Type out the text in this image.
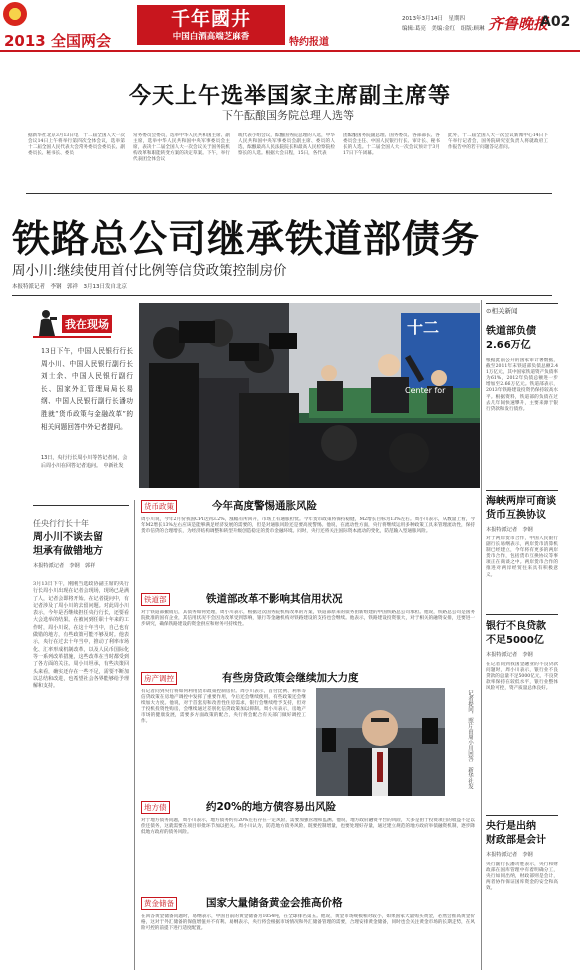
2013 全国两会
千年國井
中国白酒高端芝麻香	特约报道
2013年3月14日　星期四
编辑:葛亮　美编:金红　组版:顾琳 齐鲁晚报
A02
今天上午选举国家主席副主席等
下午酝酿国务院总理人选等
据新华社北京3月13日电　十二届全国人大一次会议14日上午将举行第四次全体会议，选举第十二届全国人民代表大会常务委员会委员长、副委员长、秘书长、委员
常务委员会委员，选举中华人民共和国主席、副主席，选举中华人民共和国中央军事委员会主席，表决十二届全国人大一次会议关于国务院机构改革和职能转变方案的决定草案。下午，举行代表团全体会议
或代表小组会议，酝酿国务院总理的人选，中华人民共和国中央军事委员会副主席、委员的人选，酝酿最高人民法院院长和最高人民检察院检察长的人选。根据大会日程，15日，各代表
团酝酿国务院副总理、国务委员、各部部长、各委员会主任、中国人民银行行长、审计长、秘书长的人选。十二届全国人大一次会议预计于3月17日下午闭幕。
此外，十二届全国人大一次会议新闻中心14日下午举行记者会，国务院研究室负责人将就政府工作报告中的若干问题答记者问。
铁路总公司继承铁道部债务
周小川:继续使用首付比例等信贷政策控制房价
本报特派记者　李钢　郭祥　3月13日发自北京
我在现场
13日下午，中国人民银行行长周小川、中国人民银行副行长刘士余、中国人民银行副行长、国家外汇管理局局长易纲、中国人民银行副行长潘功胜就“货币政策与金融改革”的相关问题回答中外记者提问。
13日，央行行长周小川等答记者问，会后周小川在回答记者追问。　中新社发
十二
Center for
⊙相关新闻
铁道部负债
2.66万亿
根据此前公开的国家审计署数据，截至2011年末铁道部负债总额2.41万亿元，其中国家铁道资产负债率为61%，2012年负债总额进一步增加至2.66万亿元。铁道部表示，2013年铁路建设投资仍保持较高水平。根据资料，铁道部的负债在过去几年间快速攀升，主要来源于银行贷款和发行债券。
海峡两岸可商谈
货币互换协议
本报特派记者　李钢
对于两岸货币合作，中国人民银行副行长易纲表示，两岸货币清算机制已经建立，今年将有更多的两岸货币合作，包括货币互换协议等事项正在商谈之中。两岸货币合作的推进对两岸经贸往来具有积极意义。
银行不良贷款
不足5000亿
本报特派记者　李钢
在记者问到我国金融业的不良贷款问题时，周小川表示，银行业不良贷款的总量不足5000亿元，不良贷款率保持在较低水平，银行业整体风险可控，资产质量总体良好。
央行是出纳
财政部是会计
本报特派记者　李钢
央行副行长潘功胜表示，央行和财政部在国库管理中有着明确分工，央行如同出纳，财政部则是会计，两者协作保证国库资金的安全和高效。
任央行行长十年
周小川不谈去留
坦承有做错地方
本报特派记者　李钢　郭祥
3月13日下午，刚刚当选政协副主席的央行行长周小川出现在记者会现场，现场已是满了人，记者会即将开始。在记者提问中，有记者涉及了周小川的去留问题。对此周小川表示，今年是否继续担任央行行长，还要看大会选举的结果。在被问到任职十年来的工作时，周小川说，在这十年当中，自己也有做错的地方，有些政策可能不够及时。他表示，央行在过去十年当中，推动了利率市场化、汇率形成机制改革，以及人民币国际化等一系列改革措施，这些改革在当时都受到了各方面的关注。周小川坦承，有些决策回头来看，确实还存在一些不足，需要不断加以总结和改进，也希望社会各界能够给予理解和支持。
货币政策	今年高度警惕通胀风险
周小川说，今年2月份我国CPI达到3.2%，涨幅有所回升，市场上有通胀担忧。今年货币政策将保持稳健，M2增长目标为13%左右。周小川表示，从数量上看，今年M2增长13%左右应该是能够满足经济发展的需要的，但是对通胀风险还是要高度警惕。他说，在流动性方面，央行将继续运用多种政策工具来管理流动性，保持货币信贷的合理增长，为经济结构调整和转型升级创造稳定的货币金融环境。同时，央行还将关注国际资本流动的变化，防范输入型通胀风险。
铁道部	铁道部改革不影响其信用状况
对于铁道部撤销后，其债务如何处理，周小川表示，根据这次国务院机构改革的方案，铁道部原来的债务由新组建的中国铁路总公司承担。他说，铁路总公司是国务院批准的国有企业，其信用状况不会因为改革受到影响，银行等金融机构对铁路建设的支持也会继续。他表示，铁路建设投资很大，对于相关的融资安排，还要进一步研究，确保铁路建设的资金供应和财务可持续性。
房产调控	有些房贷政策会继续加大力度
有记者问到央行将如何利用货币政策控制房价。周小川表示，首付比例、利率等信贷政策在房地产调控中发挥了重要作用，今后还会继续使用，有些政策还会继续加大力度。他说，对于首套房和改善性住房需求，银行会继续给予支持，但对于投机投资性购房，会继续通过差别化信贷政策加以抑制。周小川表示，房地产市场的健康发展，需要多方面政策的配合，央行将会配合有关部门做好调控工作。	记者提问，照片由周小川回答　新华社发
地方债	约20%的地方债容易出风险
对于地方债务问题，周小川表示，地方债务约有20%左右存在一定风险，需要加强管理和监测。他说，地方政府融资平台的风险，大多是由于投资项目的收益不足以偿还债务，这就需要在项目审批环节加以把关。周小川认为，防范地方债务风险，既要控制增量，也要处理好存量，通过建立规范的地方政府举债融资机制，逐步降低地方政府的债务风险。
黄金储备	国家大量储备黄金会推高价格
在回答黄金储备问题时，易纲表示，中国目前的黄金储备为1054吨，在全球排名第五。他说，黄金市场规模相对较小，如果国家大量购买黄金，必然会推高黄金价格，这对于外汇储备的保值增值并不有利。易纲表示，央行将会根据市场情况和外汇储备管理的需要，合理安排黄金储备，同时也会关注黄金市场的长期走势，在风险可控的前提下进行适度配置。
